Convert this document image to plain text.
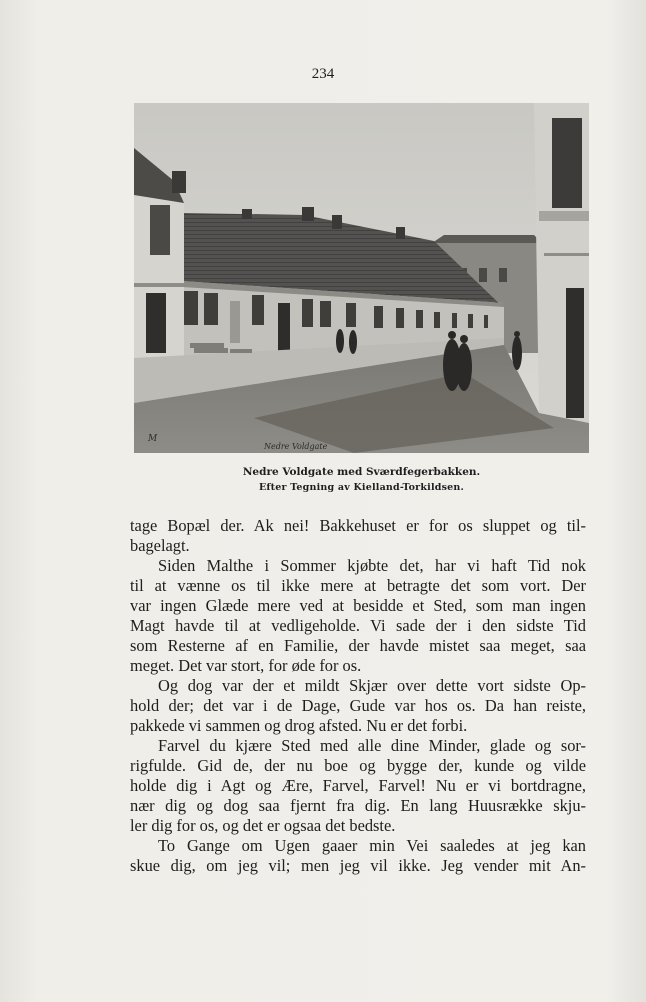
234
M
Nedre Voldgate
Nedre Voldgate med Sværdfegerbakken.
Efter Tegning av Kielland-Torkildsen.
tage Bopæl der. Ak nei! Bakkehuset er for os sluppet og til-
bagelagt.
Siden Malthe i Sommer kjøbte det, har vi haft Tid nok
til at vænne os til ikke mere at betragte det som vort. Der
var ingen Glæde mere ved at besidde et Sted, som man ingen
Magt havde til at vedligeholde. Vi sade der i den sidste Tid
som Resterne af en Familie, der havde mistet saa meget, saa
meget. Det var stort, for øde for os.
Og dog var der et mildt Skjær over dette vort sidste Op-
hold der; det var i de Dage, Gude var hos os. Da han reiste,
pakkede vi sammen og drog afsted. Nu er det forbi.
Farvel du kjære Sted med alle dine Minder, glade og sor-
rigfulde. Gid de, der nu boe og bygge der, kunde og vilde
holde dig i Agt og Ære, Farvel, Farvel! Nu er vi bortdragne,
nær dig og dog saa fjernt fra dig. En lang Huusrække skju-
ler dig for os, og det er ogsaa det bedste.
To Gange om Ugen gaaer min Vei saaledes at jeg kan
skue dig, om jeg vil; men jeg vil ikke. Jeg vender mit An-
